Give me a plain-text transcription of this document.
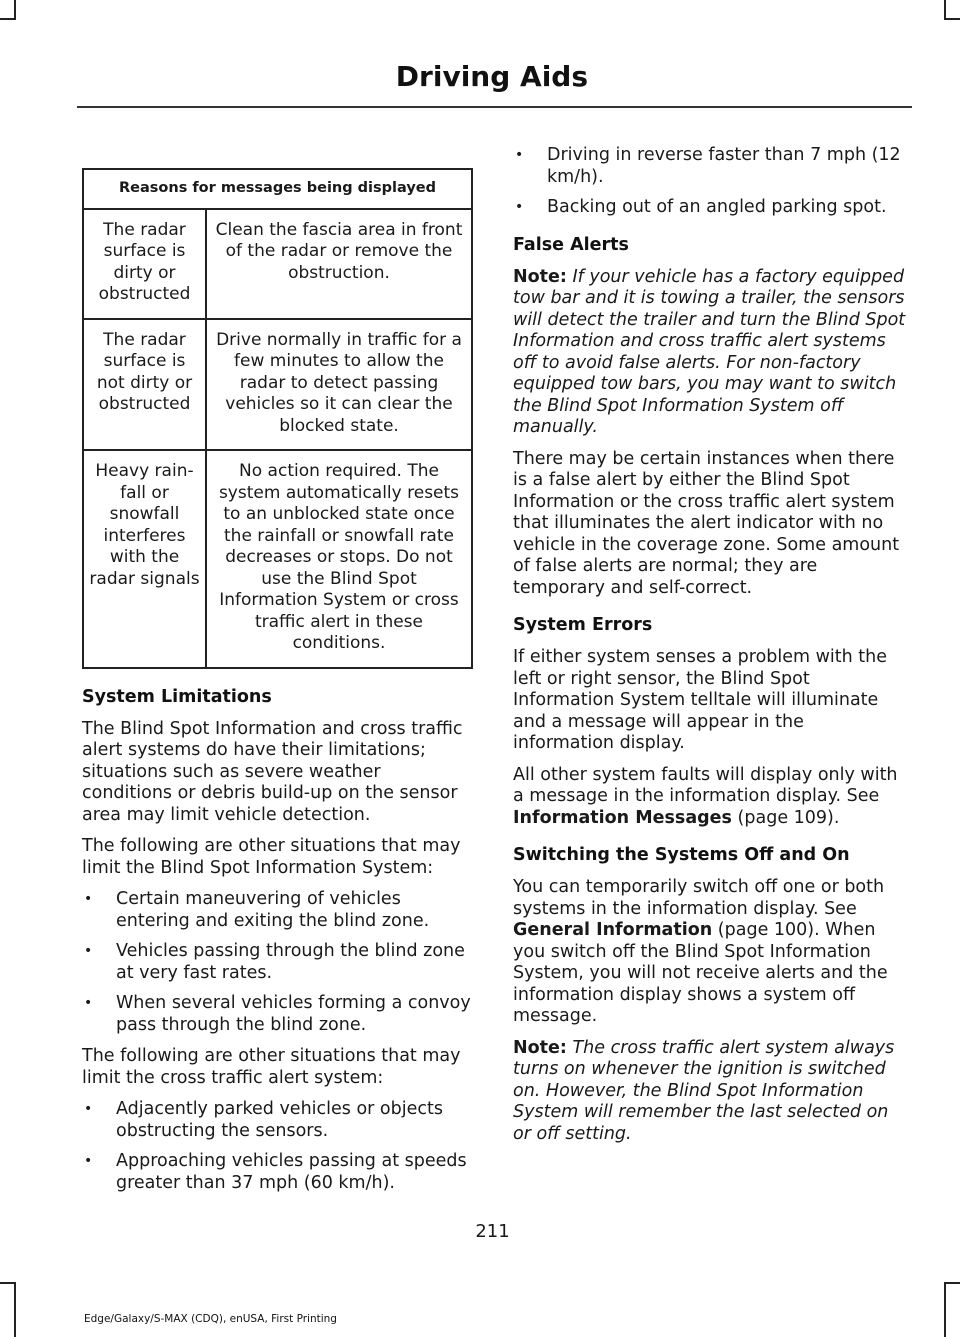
Driving Aids
Reasons for messages being displayed	
The radar surface is dirty or obstructed	Clean the fascia area in front of the radar or remove the obstruction.
The radar surface is not dirty or obstructed	Drive normally in traffic for a few minutes to allow the radar to detect passing vehicles so it can clear the blocked state.
Heavy rain-fall or snowfall interferes with the radar signals	No action required. The system automatically resets to an unblocked state once the rainfall or snowfall rate decreases or stops. Do not use the Blind Spot Information System or cross traffic alert in these conditions.
System Limitations

The Blind Spot Information and cross traffic alert systems do have their limitations; situations such as severe weather conditions or debris build-up on the sensor area may limit vehicle detection.

The following are other situations that may limit the Blind Spot Information System:

• Certain maneuvering of vehicles entering and exiting the blind zone.
• Vehicles passing through the blind zone at very fast rates.
• When several vehicles forming a convoy pass through the blind zone.

The following are other situations that may limit the cross traffic alert system:

• Adjacently parked vehicles or objects obstructing the sensors.
• Approaching vehicles passing at speeds greater than 37 mph (60 km/h).
• Driving in reverse faster than 7 mph (12 km/h).
• Backing out of an angled parking spot.
False Alerts

Note: If your vehicle has a factory equipped tow bar and it is towing a trailer, the sensors will detect the trailer and turn the Blind Spot Information and cross traffic alert systems off to avoid false alerts. For non-factory equipped tow bars, you may want to switch the Blind Spot Information System off manually.

There may be certain instances when there is a false alert by either the Blind Spot Information or the cross traffic alert system that illuminates the alert indicator with no vehicle in the coverage zone. Some amount of false alerts are normal; they are temporary and self-correct.

System Errors

If either system senses a problem with the left or right sensor, the Blind Spot Information System telltale will illuminate and a message will appear in the information display.

All other system faults will display only with a message in the information display. See Information Messages (page 109).

Switching the Systems Off and On

You can temporarily switch off one or both systems in the information display. See General Information (page 100). When you switch off the Blind Spot Information System, you will not receive alerts and the information display shows a system off message.

Note: The cross traffic alert system always turns on whenever the ignition is switched on. However, the Blind Spot Information System will remember the last selected on or off setting.

211
Edge/Galaxy/S-MAX (CDQ), enUSA, First Printing
